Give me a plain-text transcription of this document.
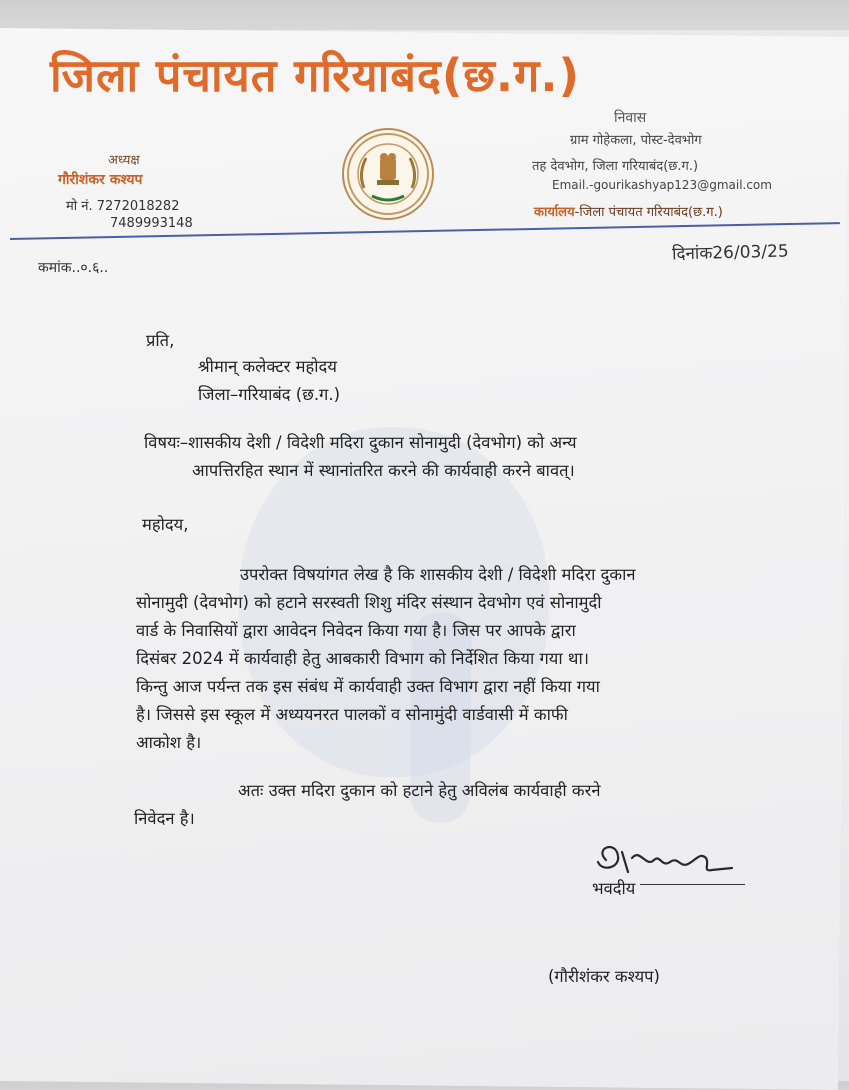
जिला पंचायत गरियाबंद(छ.ग.)
अध्यक्ष
गौरीशंकर कश्यप
मो नं. 7272018282
7489993148
निवास
ग्राम गोहेकला, पोस्ट-देवभोग
तह देवभोग, जिला गरियाबंद(छ.ग.)
Email.-gourikashyap123@gmail.com
कार्यालय-जिला पंचायत गरियाबंद(छ.ग.)
दिनांक26/03/25
कमांक..०.६..
प्रति,
श्रीमान् कलेक्टर महोदय
जिला–गरियाबंद (छ.ग.)
विषयः–शासकीय देशी / विदेशी मदिरा दुकान सोनामुदी (देवभोग) को अन्य
आपत्तिरहित स्थान में स्थानांतरित करने की कार्यवाही करने बावत्।
महोदय,
उपरोक्त विषयांगत लेख है कि शासकीय देशी / विदेशी मदिरा दुकान
सोनामुदी (देवभोग) को हटाने सरस्वती शिशु मंदिर संस्थान देवभोग एवं सोनामुदी
वार्ड के निवासियों द्वारा आवेदन निवेदन किया गया है। जिस पर आपके द्वारा
दिसंबर 2024 में कार्यवाही हेतु आबकारी विभाग को निर्देशित किया गया था।
किन्तु आज पर्यन्त तक इस संबंध में कार्यवाही उक्त विभाग द्वारा नहीं किया गया
है। जिससे इस स्कूल में अध्ययनरत पालकों व सोनामुंदी वार्डवासी में काफी
आकोश है।
अतः उक्त मदिरा दुकान को हटाने हेतु अविलंब कार्यवाही करने
निवेदन है।
भवदीय
(गौरीशंकर कश्यप)
